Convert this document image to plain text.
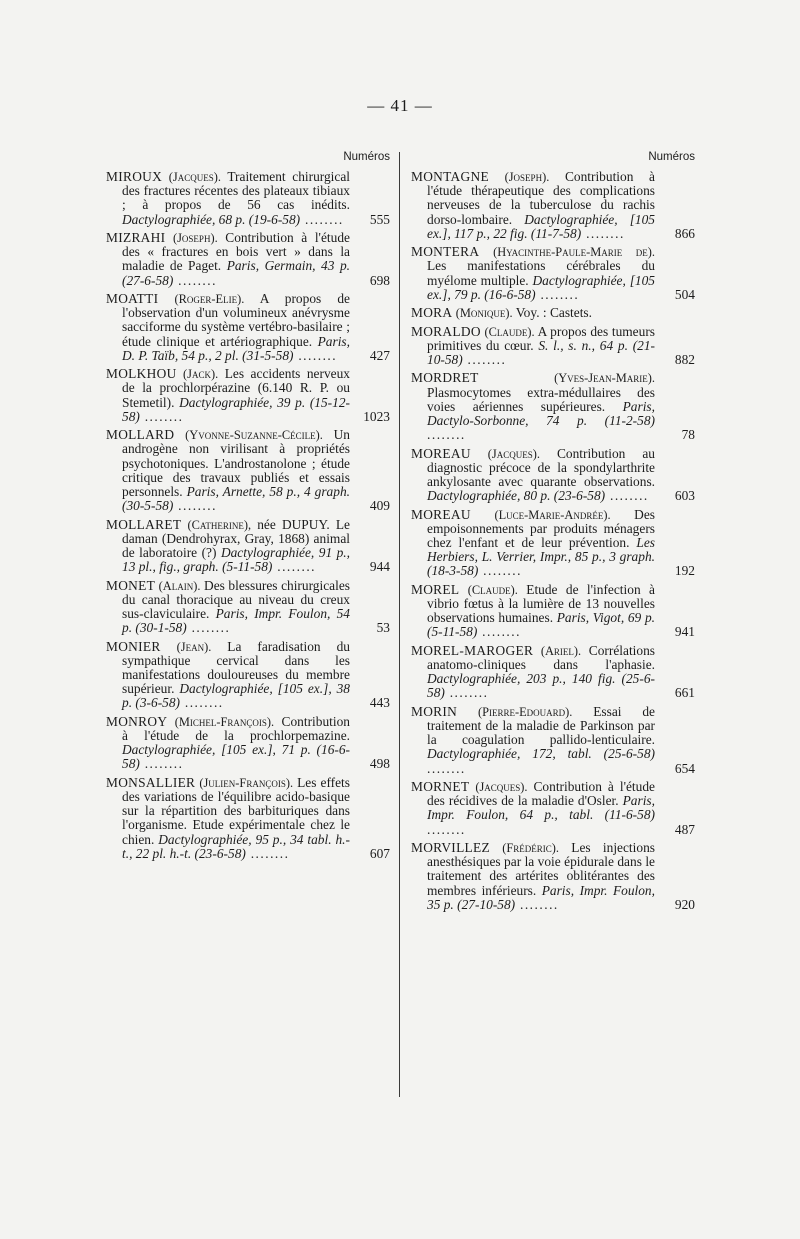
— 41 —
Numéros
MIROUX (Jacques). Traitement chirurgical des fractures récentes des plateaux tibiaux ; à propos de 56 cas inédits. Dactylographiée, 68 p. (19-6-58) ........	555
MIZRAHI (Joseph). Contribution à l'étude des « fractures en bois vert » dans la maladie de Paget. Paris, Germain, 43 p. (27-6-58) ........	698
MOATTI (Roger-Elie). A propos de l'observation d'un volumineux anévrysme sacciforme du système vertébro-basilaire ; étude clinique et artériographique. Paris, D. P. Taïb, 54 p., 2 pl. (31-5-58) ........	427
MOLKHOU (Jack). Les accidents nerveux de la prochlorpérazine (6.140 R. P. ou Stemetil). Dactylographiée, 39 p. (15-12-58) ........	1023
MOLLARD (Yvonne-Suzanne-Cécile). Un androgène non virilisant à propriétés psychotoniques. L'androstanolone ; étude critique des travaux publiés et essais personnels. Paris, Arnette, 58 p., 4 graph. (30-5-58) ........	409
MOLLARET (Catherine), née DUPUY. Le daman (Dendrohyrax, Gray, 1868) animal de laboratoire (?) Dactylographiée, 91 p., 13 pl., fig., graph. (5-11-58) ........	944
MONET (Alain). Des blessures chirurgicales du canal thoracique au niveau du creux sus-claviculaire. Paris, Impr. Foulon, 54 p. (30-1-58) ........	53
MONIER (Jean). La faradisation du sympathique cervical dans les manifestations douloureuses du membre supérieur. Dactylographiée, [105 ex.], 38 p. (3-6-58) ........	443
MONROY (Michel-François). Contribution à l'étude de la prochlorpemazine. Dactylographiée, [105 ex.], 71 p. (16-6-58) ........	498
MONSALLIER (Julien-François). Les effets des variations de l'équilibre acido-basique sur la répartition des barbituriques dans l'organisme. Etude expérimentale chez le chien. Dactylographiée, 95 p., 34 tabl. h.-t., 22 pl. h.-t. (23-6-58) ........	607
Numéros
MONTAGNE (Joseph). Contribution à l'étude thérapeutique des complications nerveuses de la tuberculose du rachis dorso-lombaire. Dactylographiée, [105 ex.], 117 p., 22 fig. (11-7-58) ........	866
MONTERA (Hyacinthe-Paule-Marie de). Les manifestations cérébrales du myélome multiple. Dactylographiée, [105 ex.], 79 p. (16-6-58) ........	504
MORA (Monique). Voy. : Castets.
MORALDO (Claude). A propos des tumeurs primitives du cœur. S. l., s. n., 64 p. (21-10-58) ........	882
MORDRET	(Yves-Jean-Marie). Plasmocytomes extra-médullaires des voies aériennes supérieures. Paris, Dactylo-Sorbonne, 74 p. (11-2-58) ........	78
MOREAU (Jacques). Contribution au diagnostic précoce de la spondylarthrite ankylosante avec quarante observations. Dactylographiée, 80 p. (23-6-58) ........	603
MOREAU (Luce-Marie-Andrée). Des empoisonnements par produits ménagers chez l'enfant et de leur prévention. Les Herbiers, L. Verrier, Impr., 85 p., 3 graph. (18-3-58) ........	192
MOREL (Claude). Etude de l'infection à vibrio fœtus à la lumière de 13 nouvelles observations humaines. Paris, Vigot, 69 p. (5-11-58) ........	941
MOREL-MAROGER (Ariel). Corrélations anatomo-cliniques dans l'aphasie. Dactylographiée, 203 p., 140 fig. (25-6-58) ........	661
MORIN (Pierre-Edouard). Essai de traitement de la maladie de Parkinson par la coagulation pallido-lenticulaire. Dactylographiée, 172, tabl. (25-6-58) ........	654
MORNET (Jacques). Contribution à l'étude des récidives de la maladie d'Osler. Paris, Impr. Foulon, 64 p., tabl. (11-6-58) ........	487
MORVILLEZ (Frédéric). Les injections anesthésiques par la voie épidurale dans le traitement des artérites oblitérantes des membres inférieurs. Paris, Impr. Foulon, 35 p. (27-10-58) ........	920
